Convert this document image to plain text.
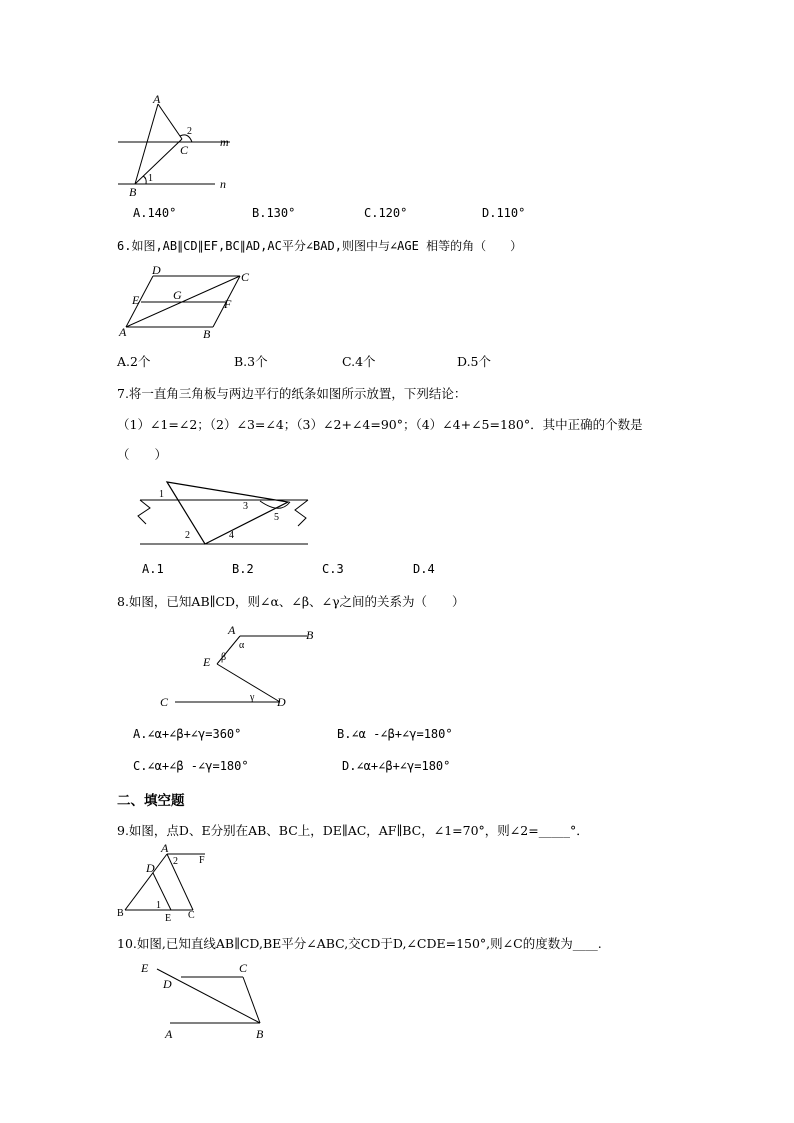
A
C
B
m
n
1
2
A.140°	B.130°	C.120°	D.110°
6.如图,AB∥CD∥EF,BC∥AD,AC平分∠BAD,则图中与∠AGE 相等的角（　　）
D	C
E	G
F
A	B
A.2个	B.3个	C.4个	D.5个
7.将一直角三角板与两边平行的纸条如图所示放置，下列结论：
（1）∠1=∠2；（2）∠3=∠4；（3）∠2+∠4=90°；（4）∠4+∠5=180°．其中正确的个数是
（　　）
1
2
3
4
5
A.1	B.2	C.3	D.4
8.如图，已知AB∥CD，则∠α、∠β、∠γ之间的关系为（　　）
A	B
E
C	D
α
β
γ
A.∠α+∠β+∠γ=360°	B.∠α -∠β+∠γ=180°
C.∠α+∠β -∠γ=180°	D.∠α+∠β+∠γ=180°
二、填空题
9.如图，点D、E分别在AB、BC上，DE∥AC，AF∥BC，∠1=70°，则∠2=_____°．
A
F
D
B	E C
1
2
10.如图,已知直线AB∥CD,BE平分∠ABC,交CD于D,∠CDE=150°,则∠C的度数为____.
E	C
D
A	B
